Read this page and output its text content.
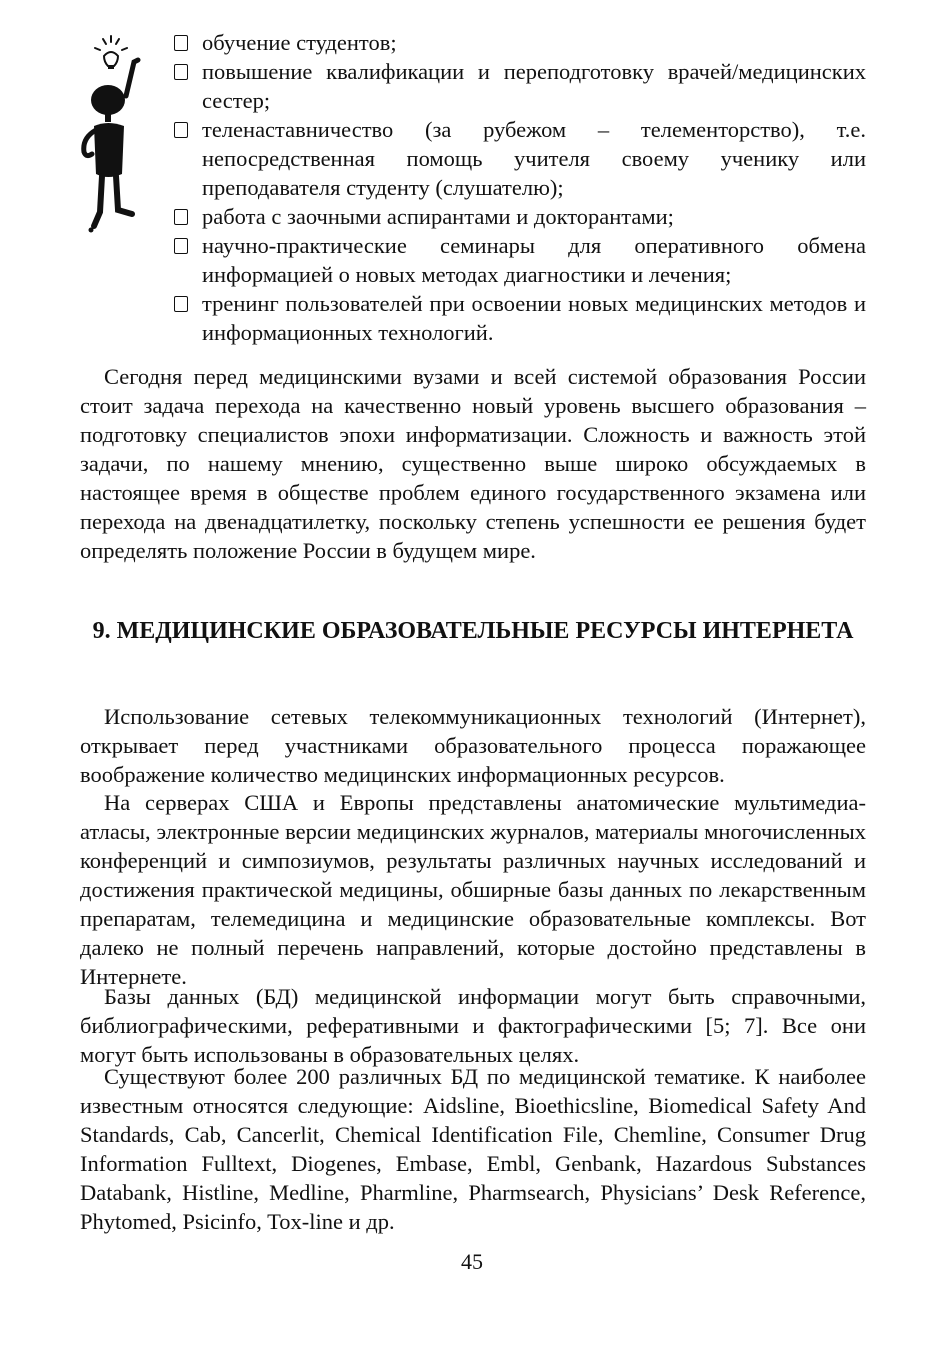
обучение студентов;

повышение квалификации и переподготовку врачей/медицинских сестер;

теленаставничество (за рубежом – телементорство), т.е. непосредственная помощь учителя своему ученику или преподавателя студенту (слушателю);

работа с заочными аспирантами и докторантами;

научно-практические семинары для оперативного обмена информацией о новых методах диагностики и лечения;

тренинг пользователей при освоении новых медицинских методов и информационных технологий.

Сегодня перед медицинскими вузами и всей системой образования России стоит задача перехода на качественно новый уровень высшего образования – подготовку специалистов эпохи информатизации. Сложность и важность этой задачи, по нашему мнению, существенно выше широко обсуждаемых в настоящее время в обществе проблем единого государственного экзамена или перехода на двенадцатилетку, поскольку степень успешности ее решения будет определять положение России в будущем мире.

9. МЕДИЦИНСКИЕ ОБРАЗОВАТЕЛЬНЫЕ РЕСУРСЫ ИНТЕРНЕТА

Использование сетевых телекоммуникационных технологий (Интернет), открывает перед участниками образовательного процесса поражающее воображение количество медицинских информационных ресурсов.

На серверах США и Европы представлены анатомические мультимедиа-атласы, электронные версии медицинских журналов, материалы многочисленных конференций и симпозиумов, результаты различных научных исследований и достижения практической медицины, обширные базы данных по лекарственным препаратам, телемедицина и медицинские образовательные комплексы. Вот далеко не полный перечень направлений, которые достойно представлены в Интернете.

Базы данных (БД) медицинской информации могут быть справочными, библиографическими, реферативными и фактографическими [5; 7]. Все они могут быть использованы в образовательных целях.

Существуют более 200 различных БД по медицинской тематике. К наиболее известным относятся следующие: Aidsline, Bioethicsline, Biomedical Safety And Standards, Cab, Cancerlit, Chemical Identification File, Chemline, Consumer Drug Information Fulltext, Diogenes, Embase, Embl, Genbank, Hazardous Substances Databank, Histline, Medline, Pharmline, Pharmsearch, Physicians’ Desk Reference, Phytomed, Psicinfo, Tox-line и др.

45
